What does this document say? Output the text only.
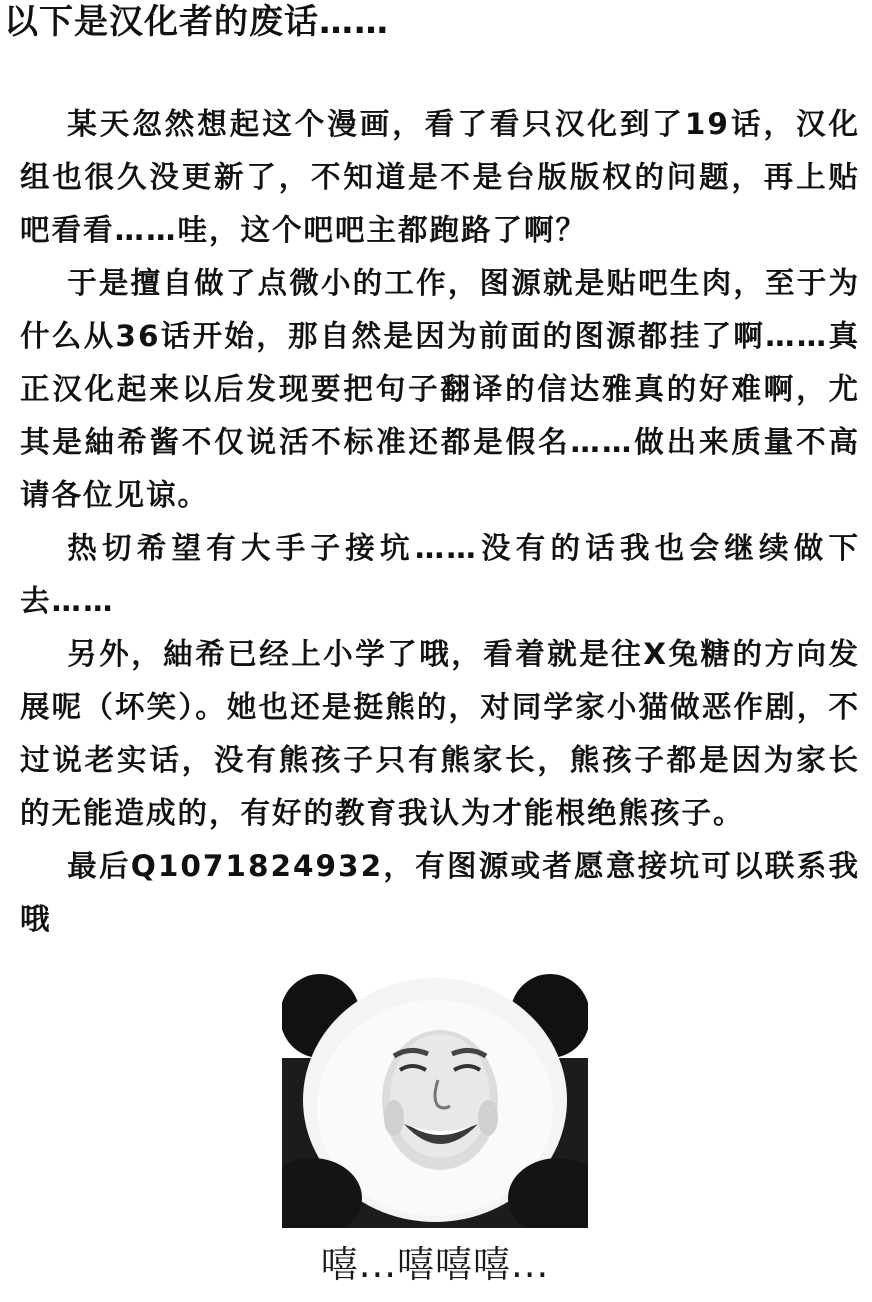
以下是汉化者的废话……

某天忽然想起这个漫画，看了看只汉化到了19话，汉化组也很久没更新了，不知道是不是台版版权的问题，再上贴吧看看……哇，这个吧吧主都跑路了啊？

于是擅自做了点微小的工作，图源就是贴吧生肉，至于为什么从36话开始，那自然是因为前面的图源都挂了啊……真正汉化起来以后发现要把句子翻译的信达雅真的好难啊，尤其是紬希酱不仅说活不标准还都是假名……做出来质量不高请各位见谅。

热切希望有大手子接坑……没有的话我也会继续做下去……

另外，紬希已经上小学了哦，看着就是往X兔糖的方向发展呢（坏笑）。她也还是挺熊的，对同学家小猫做恶作剧，不过说老实话，没有熊孩子只有熊家长，熊孩子都是因为家长的无能造成的，有好的教育我认为才能根绝熊孩子。

最后Q1071824932，有图源或者愿意接坑可以联系我哦

嘻...嘻嘻嘻...
